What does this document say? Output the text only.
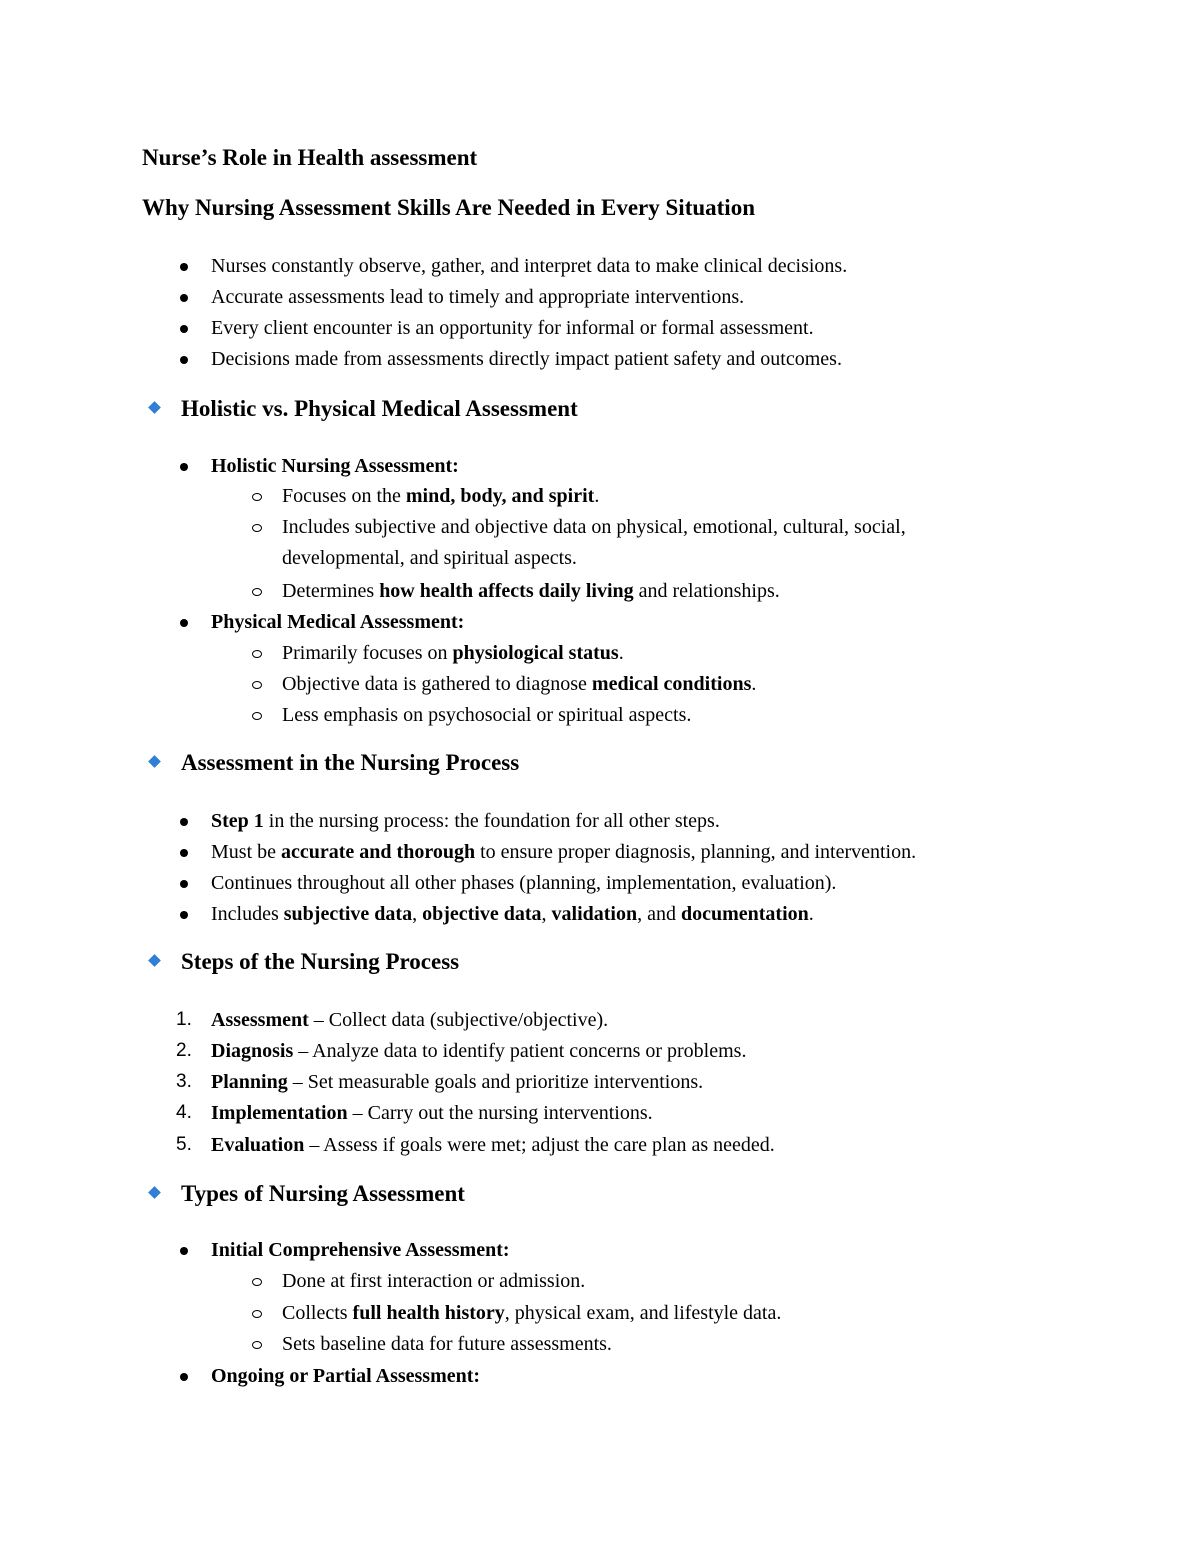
Nurse’s Role in Health assessment
Why Nursing Assessment Skills Are Needed in Every Situation
Nurses constantly observe, gather, and interpret data to make clinical decisions.
Accurate assessments lead to timely and appropriate interventions.
Every client encounter is an opportunity for informal or formal assessment.
Decisions made from assessments directly impact patient safety and outcomes.
Holistic vs. Physical Medical Assessment
Holistic Nursing Assessment:
Focuses on the mind, body, and spirit.
Includes subjective and objective data on physical, emotional, cultural, social,
developmental, and spiritual aspects.
Determines how health affects daily living and relationships.
Physical Medical Assessment:
Primarily focuses on physiological status.
Objective data is gathered to diagnose medical conditions.
Less emphasis on psychosocial or spiritual aspects.
Assessment in the Nursing Process
Step 1 in the nursing process: the foundation for all other steps.
Must be accurate and thorough to ensure proper diagnosis, planning, and intervention.
Continues throughout all other phases (planning, implementation, evaluation).
Includes subjective data, objective data, validation, and documentation.
Steps of the Nursing Process
1. Assessment – Collect data (subjective/objective).
2. Diagnosis – Analyze data to identify patient concerns or problems.
3. Planning – Set measurable goals and prioritize interventions.
4. Implementation – Carry out the nursing interventions.
5. Evaluation – Assess if goals were met; adjust the care plan as needed.
Types of Nursing Assessment
Initial Comprehensive Assessment:
Done at first interaction or admission.
Collects full health history, physical exam, and lifestyle data.
Sets baseline data for future assessments.
Ongoing or Partial Assessment:
